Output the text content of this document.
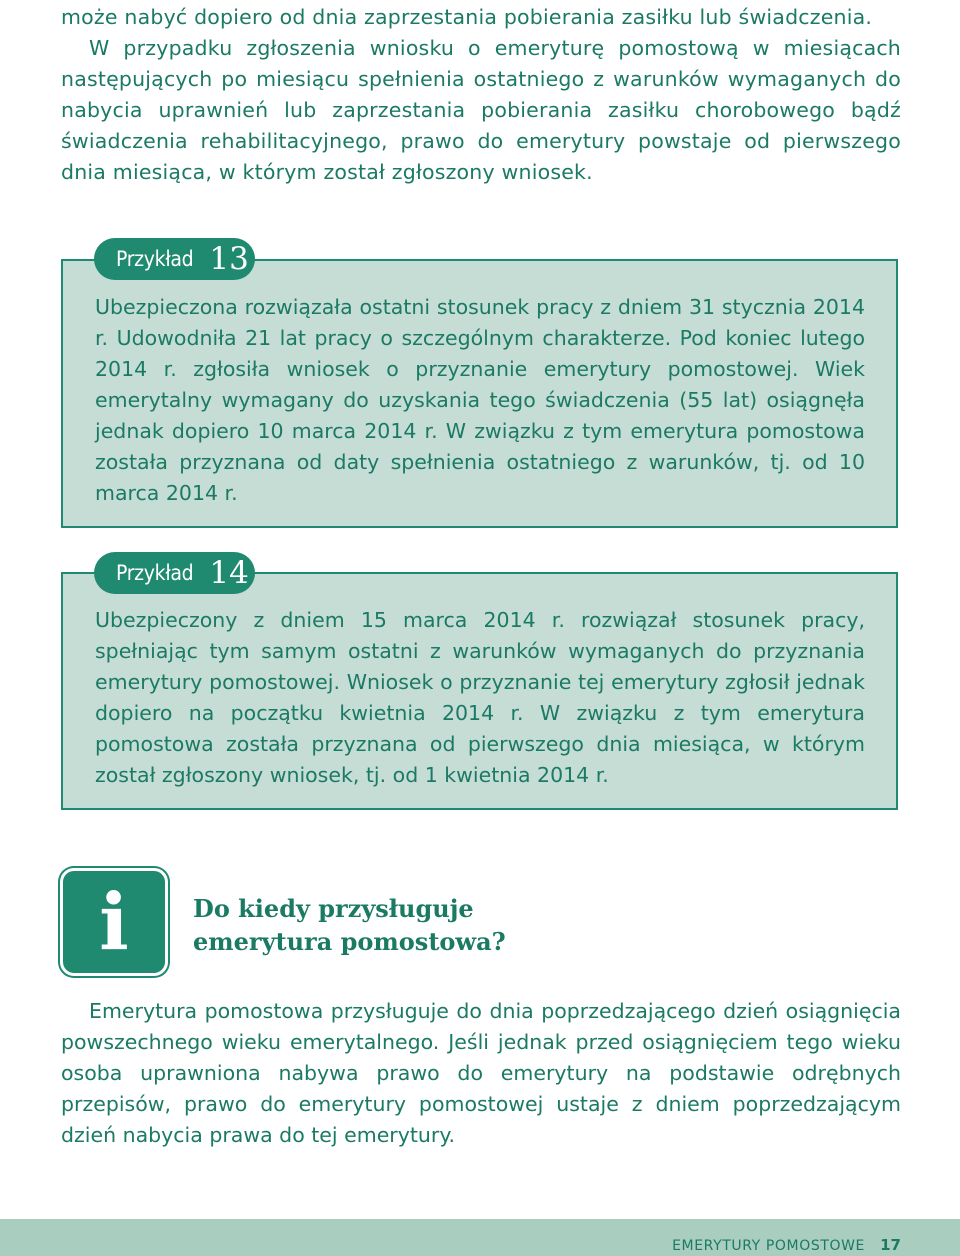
może nabyć dopiero od dnia zaprzestania pobierania zasiłku lub świadczenia.

W przypadku zgłoszenia wniosku o emeryturę pomostową w miesiącach następujących po miesiącu spełnienia ostatniego z warunków wymaganych do nabycia uprawnień lub zaprzestania pobierania zasiłku chorobowego bądź świadczenia rehabilitacyjnego, prawo do emerytury powstaje od pierwszego dnia miesiąca, w którym został zgłoszony wniosek.

Przykład 13

Ubezpieczona rozwiązała ostatni stosunek pracy z dniem 31 stycznia 2014 r. Udowodniła 21 lat pracy o szczególnym charakterze. Pod koniec lutego 2014 r. zgłosiła wniosek o przyznanie emerytury pomostowej. Wiek emerytalny wymagany do uzyskania tego świadczenia (55 lat) osiągnęła jednak dopiero 10 marca 2014 r. W związku z tym emerytura pomostowa została przyznana od daty spełnienia ostatniego z warunków, tj. od 10 marca 2014 r.

Przykład 14

Ubezpieczony z dniem 15 marca 2014 r. rozwiązał stosunek pracy, spełniając tym samym ostatni z warunków wymaganych do przyznania emerytury pomostowej. Wniosek o przyznanie tej emerytury zgłosił jednak dopiero na początku kwietnia 2014 r. W związku z tym emerytura pomostowa została przyznana od pierwszego dnia miesiąca, w którym został zgłoszony wniosek, tj. od 1 kwietnia 2014 r.

i	Do kiedy przysługuje
emerytura pomostowa?

Emerytura pomostowa przysługuje do dnia poprzedzającego dzień osiągnięcia powszechnego wieku emerytalnego. Jeśli jednak przed osiągnięciem tego wieku osoba uprawniona nabywa prawo do emerytury na podstawie odrębnych przepisów, prawo do emerytury pomostowej ustaje z dniem poprzedzającym dzień nabycia prawa do tej emerytury.

EMERYTURY POMOSTOWE 17
